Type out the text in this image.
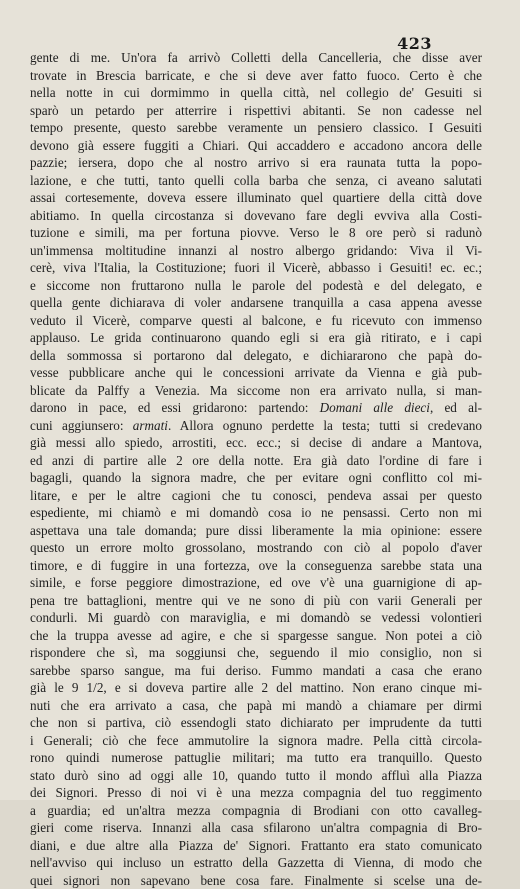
423
gente di me. Un'ora fa arrivò Colletti della Cancelleria, che disse aver
trovate in Brescia barricate, e che si deve aver fatto fuoco. Certo è che
nella notte in cui dormimmo in quella città, nel collegio de' Gesuiti si
sparò un petardo per atterrire i rispettivi abitanti. Se non cadesse nel
tempo presente, questo sarebbe veramente un pensiero classico. I Gesuiti
devono già essere fuggiti a Chiari. Qui accaddero e accadono ancora delle
pazzie; iersera, dopo che al nostro arrivo si era raunata tutta la popo-
lazione, e che tutti, tanto quelli colla barba che senza, ci aveano salutati
assai cortesemente, doveva essere illuminato quel quartiere della città dove
abitiamo. In quella circostanza si dovevano fare degli evviva alla Costi-
tuzione e simili, ma per fortuna piovve. Verso le 8 ore però si radunò
un'immensa moltitudine innanzi al nostro albergo gridando: Viva il Vi-
cerè, viva l'Italia, la Costituzione; fuori il Vicerè, abbasso i Gesuiti! ec. ec.;
e siccome non fruttarono nulla le parole del podestà e del delegato, e
quella gente dichiarava di voler andarsene tranquilla a casa appena avesse
veduto il Vicerè, comparve questi al balcone, e fu ricevuto con immenso
applauso. Le grida continuarono quando egli si era già ritirato, e i capi
della sommossa si portarono dal delegato, e dichiararono che papà do-
vesse pubblicare anche qui le concessioni arrivate da Vienna e già pub-
blicate da Palffy a Venezia. Ma siccome non era arrivato nulla, si man-
darono in pace, ed essi gridarono: partendo: Domani alle dieci, ed al-
cuni aggiunsero: armati. Allora ognuno perdette la testa; tutti si credevano
già messi allo spiedo, arrostiti, ecc. ecc.; si decise di andare a Mantova,
ed anzi di partire alle 2 ore della notte. Era già dato l'ordine di fare i
bagagli, quando la signora madre, che per evitare ogni conflitto col mi-
litare, e per le altre cagioni che tu conosci, pendeva assai per questo
espediente, mi chiamò e mi domandò cosa io ne pensassi. Certo non mi
aspettava una tale domanda; pure dissi liberamente la mia opinione: essere
questo un errore molto grossolano, mostrando con ciò al popolo d'aver
timore, e di fuggire in una fortezza, ove la conseguenza sarebbe stata una
simile, e forse peggiore dimostrazione, ed ove v'è una guarnigione di ap-
pena tre battaglioni, mentre qui ve ne sono di più con varii Generali per
condurli. Mi guardò con maraviglia, e mi domandò se vedessi volontieri
che la truppa avesse ad agire, e che si spargesse sangue. Non potei a ciò
rispondere che sì, ma soggiunsi che, seguendo il mio consiglio, non si
sarebbe sparso sangue, ma fui deriso. Fummo mandati a casa che erano
già le 9 1/2, e si doveva partire alle 2 del mattino. Non erano cinque mi-
nuti che era arrivato a casa, che papà mi mandò a chiamare per dirmi
che non si partiva, ciò essendogli stato dichiarato per imprudente da tutti
i Generali; ciò che fece ammutolire la signora madre. Pella città circola-
rono quindi numerose pattuglie militari; ma tutto era tranquillo. Questo
stato durò sino ad oggi alle 10, quando tutto il mondo affluì alla Piazza
dei Signori. Presso di noi vi è una mezza compagnia del tuo reggimento
a guardia; ed un'altra mezza compagnia di Brodiani con otto cavalleg-
gieri come riserva. Innanzi alla casa sfilarono un'altra compagnia di Bro-
diani, e due altre alla Piazza de' Signori. Frattanto era stato comunicato
nell'avviso qui incluso un estratto della Gazzetta di Vienna, di modo che
quei signori non sapevano bene cosa fare. Finalmente si scelse una de-
